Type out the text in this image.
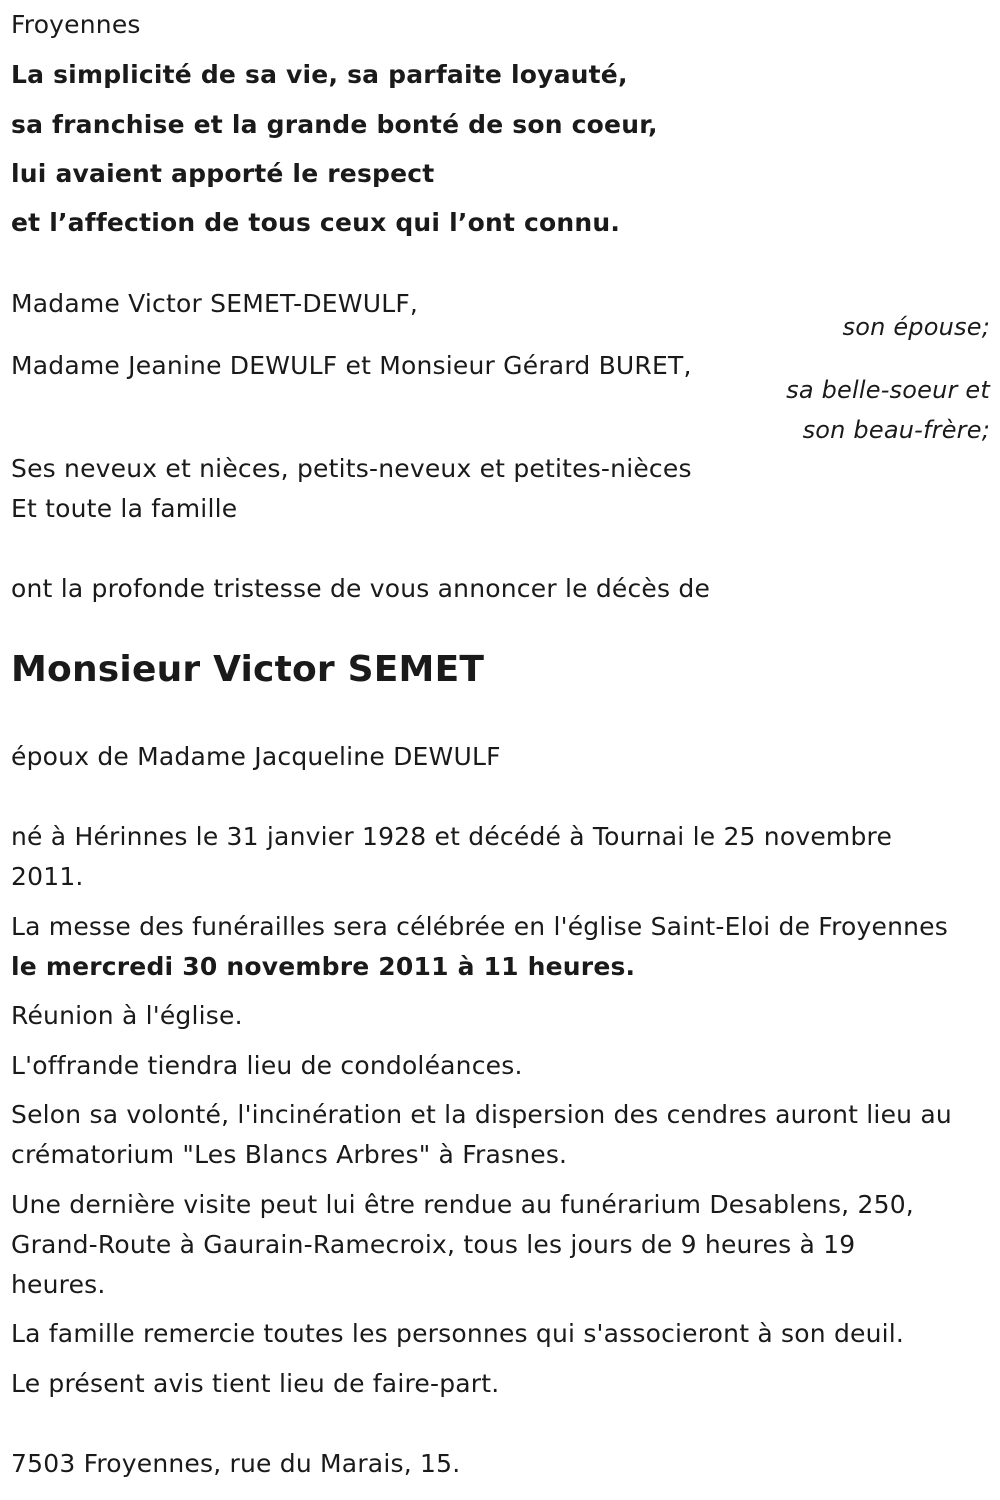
Froyennes
La simplicité de sa vie, sa parfaite loyauté,
sa franchise et la grande bonté de son coeur,
lui avaient apporté le respect
et l’affection de tous ceux qui l’ont connu.
Madame Victor SEMET-DEWULF,
son épouse;
Madame Jeanine DEWULF et Monsieur Gérard BURET,
sa belle-soeur et
son beau-frère;
Ses neveux et nièces, petits-neveux et petites-nièces
Et toute la famille
ont la profonde tristesse de vous annoncer le décès de
Monsieur Victor SEMET
époux de Madame Jacqueline DEWULF
né à Hérinnes le 31 janvier 1928 et décédé à Tournai le 25 novembre
2011.
La messe des funérailles sera célébrée en l'église Saint-Eloi de Froyennes
le mercredi 30 novembre 2011 à 11 heures.
Réunion à l'église.
L'offrande tiendra lieu de condoléances.
Selon sa volonté, l'incinération et la dispersion des cendres auront lieu au
crématorium "Les Blancs Arbres" à Frasnes.
Une dernière visite peut lui être rendue au funérarium Desablens, 250,
Grand-Route à Gaurain-Ramecroix, tous les jours de 9 heures à 19
heures.
La famille remercie toutes les personnes qui s'associeront à son deuil.
Le présent avis tient lieu de faire-part.
7503 Froyennes, rue du Marais, 15.
